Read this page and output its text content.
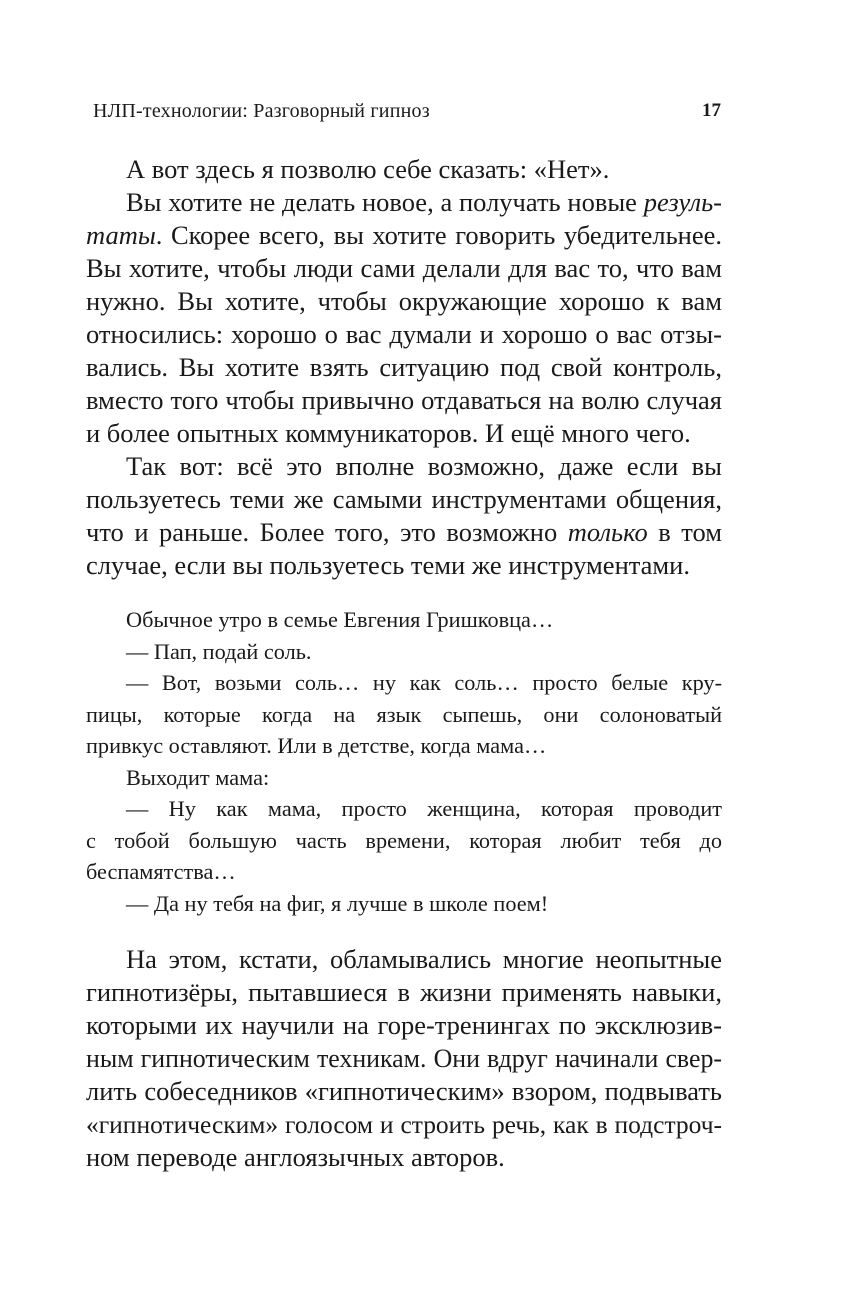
НЛП-технологии: Разговорный гипноз	17
А вот здесь я позволю себе сказать: «Нет».
Вы хотите не делать новое, а получать новые резуль-
таты. Скорее всего, вы хотите говорить убедительнее.
Вы хотите, чтобы люди сами делали для вас то, что вам
нужно. Вы хотите, чтобы окружающие хорошо к вам
относились: хорошо о вас думали и хорошо о вас отзы-
вались. Вы хотите взять ситуацию под свой контроль,
вместо того чтобы привычно отдаваться на волю случая
и более опытных коммуникаторов. И ещё много чего.
Так вот: всё это вполне возможно, даже если вы
пользуетесь теми же самыми инструментами общения,
что и раньше. Более того, это возможно только в том
случае, если вы пользуетесь теми же инструментами.
Обычное утро в семье Евгения Гришковца…
— Пап, подай соль.
— Вот, возьми соль… ну как соль… просто белые кру-
пицы, которые когда на язык сыпешь, они солоноватый
привкус оставляют. Или в детстве, когда мама…
Выходит мама:
— Ну как мама, просто женщина, которая проводит
с тобой большую часть времени, которая любит тебя до
беспамятства…
— Да ну тебя на фиг, я лучше в школе поем!
На этом, кстати, обламывались многие неопытные
гипнотизёры, пытавшиеся в жизни применять навыки,
которыми их научили на горе-тренингах по эксклюзив-
ным гипнотическим техникам. Они вдруг начинали свер-
лить собеседников «гипнотическим» взором, подвывать
«гипнотическим» голосом и строить речь, как в подстроч-
ном переводе англоязычных авторов.
